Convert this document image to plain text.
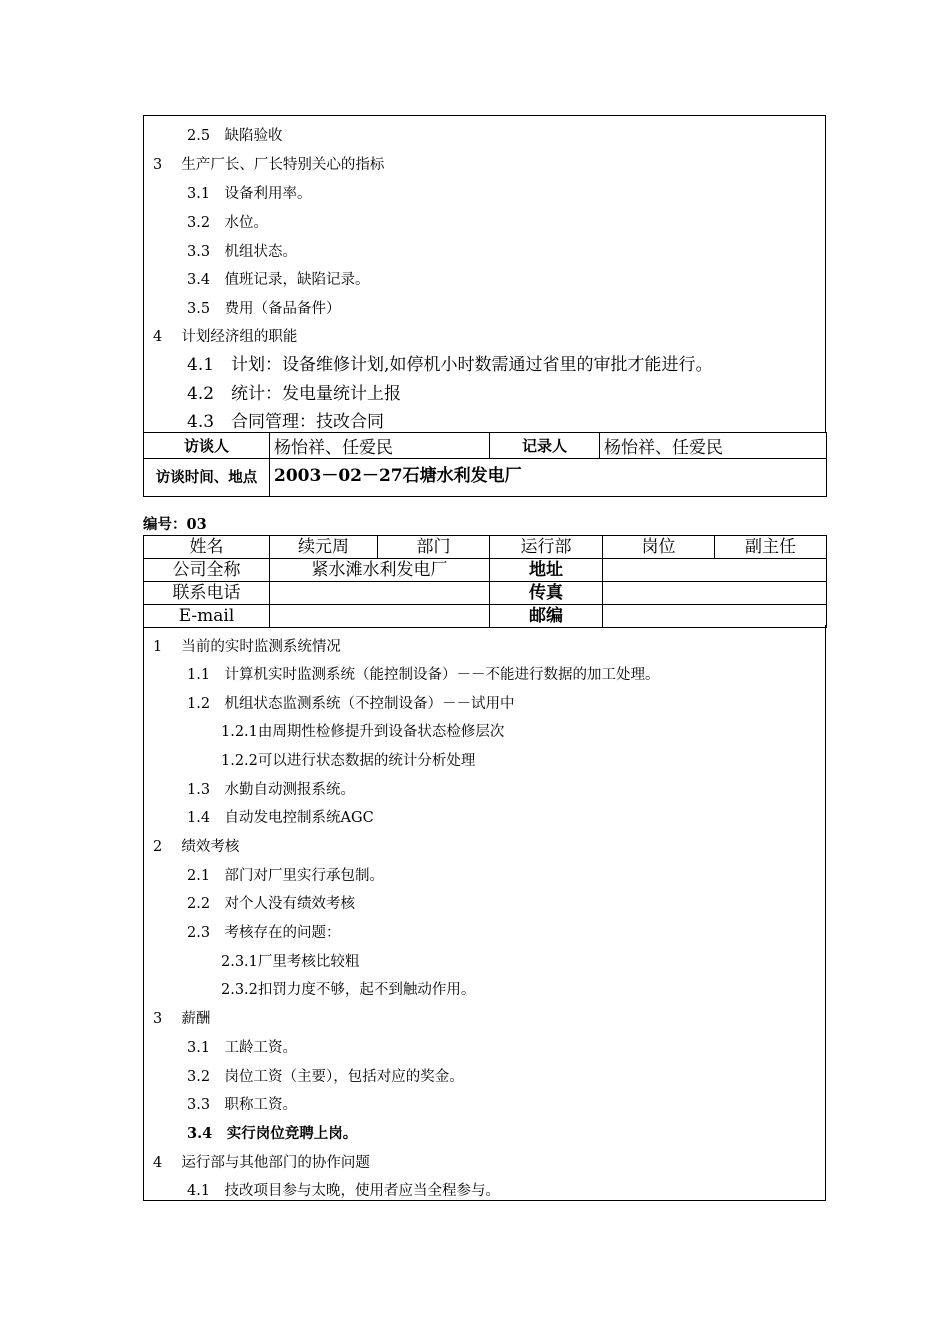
2.5　缺陷验收
3　 生产厂长、厂长特别关心的指标
3.1　设备利用率。
3.2　水位。
3.3　机组状态。
3.4　值班记录，缺陷记录。
3.5　费用（备品备件）
4　 计划经济组的职能
4.1　计划：设备维修计划,如停机小时数需通过省里的审批才能进行。
4.2　统计：发电量统计上报
4.3　合同管理：技改合同
访谈人	杨怡祥、任爱民	记录人	杨怡祥、任爱民
访谈时间、地点	2003－02－27石塘水利发电厂		
编号：03
姓名	续元周	部门	运行部	岗位	副主任
公司全称	紧水滩水利发电厂		地址		
联系电话			传真		
E-mail			邮编		
1　 当前的实时监测系统情况
1.1　计算机实时监测系统（能控制设备）－－不能进行数据的加工处理。
1.2　机组状态监测系统（不控制设备）－－试用中
1.2.1由周期性检修提升到设备状态检修层次
1.2.2可以进行状态数据的统计分析处理
1.3　水勤自动测报系统。
1.4　自动发电控制系统AGC
2　 绩效考核
2.1　部门对厂里实行承包制。
2.2　对个人没有绩效考核
2.3　考核存在的问题：
2.3.1厂里考核比较粗
2.3.2扣罚力度不够，起不到触动作用。
3　 薪酬
3.1　工龄工资。
3.2　岗位工资（主要），包括对应的奖金。
3.3　职称工资。
3.4　实行岗位竞聘上岗。
4　 运行部与其他部门的协作问题
4.1　技改项目参与太晚，使用者应当全程参与。
